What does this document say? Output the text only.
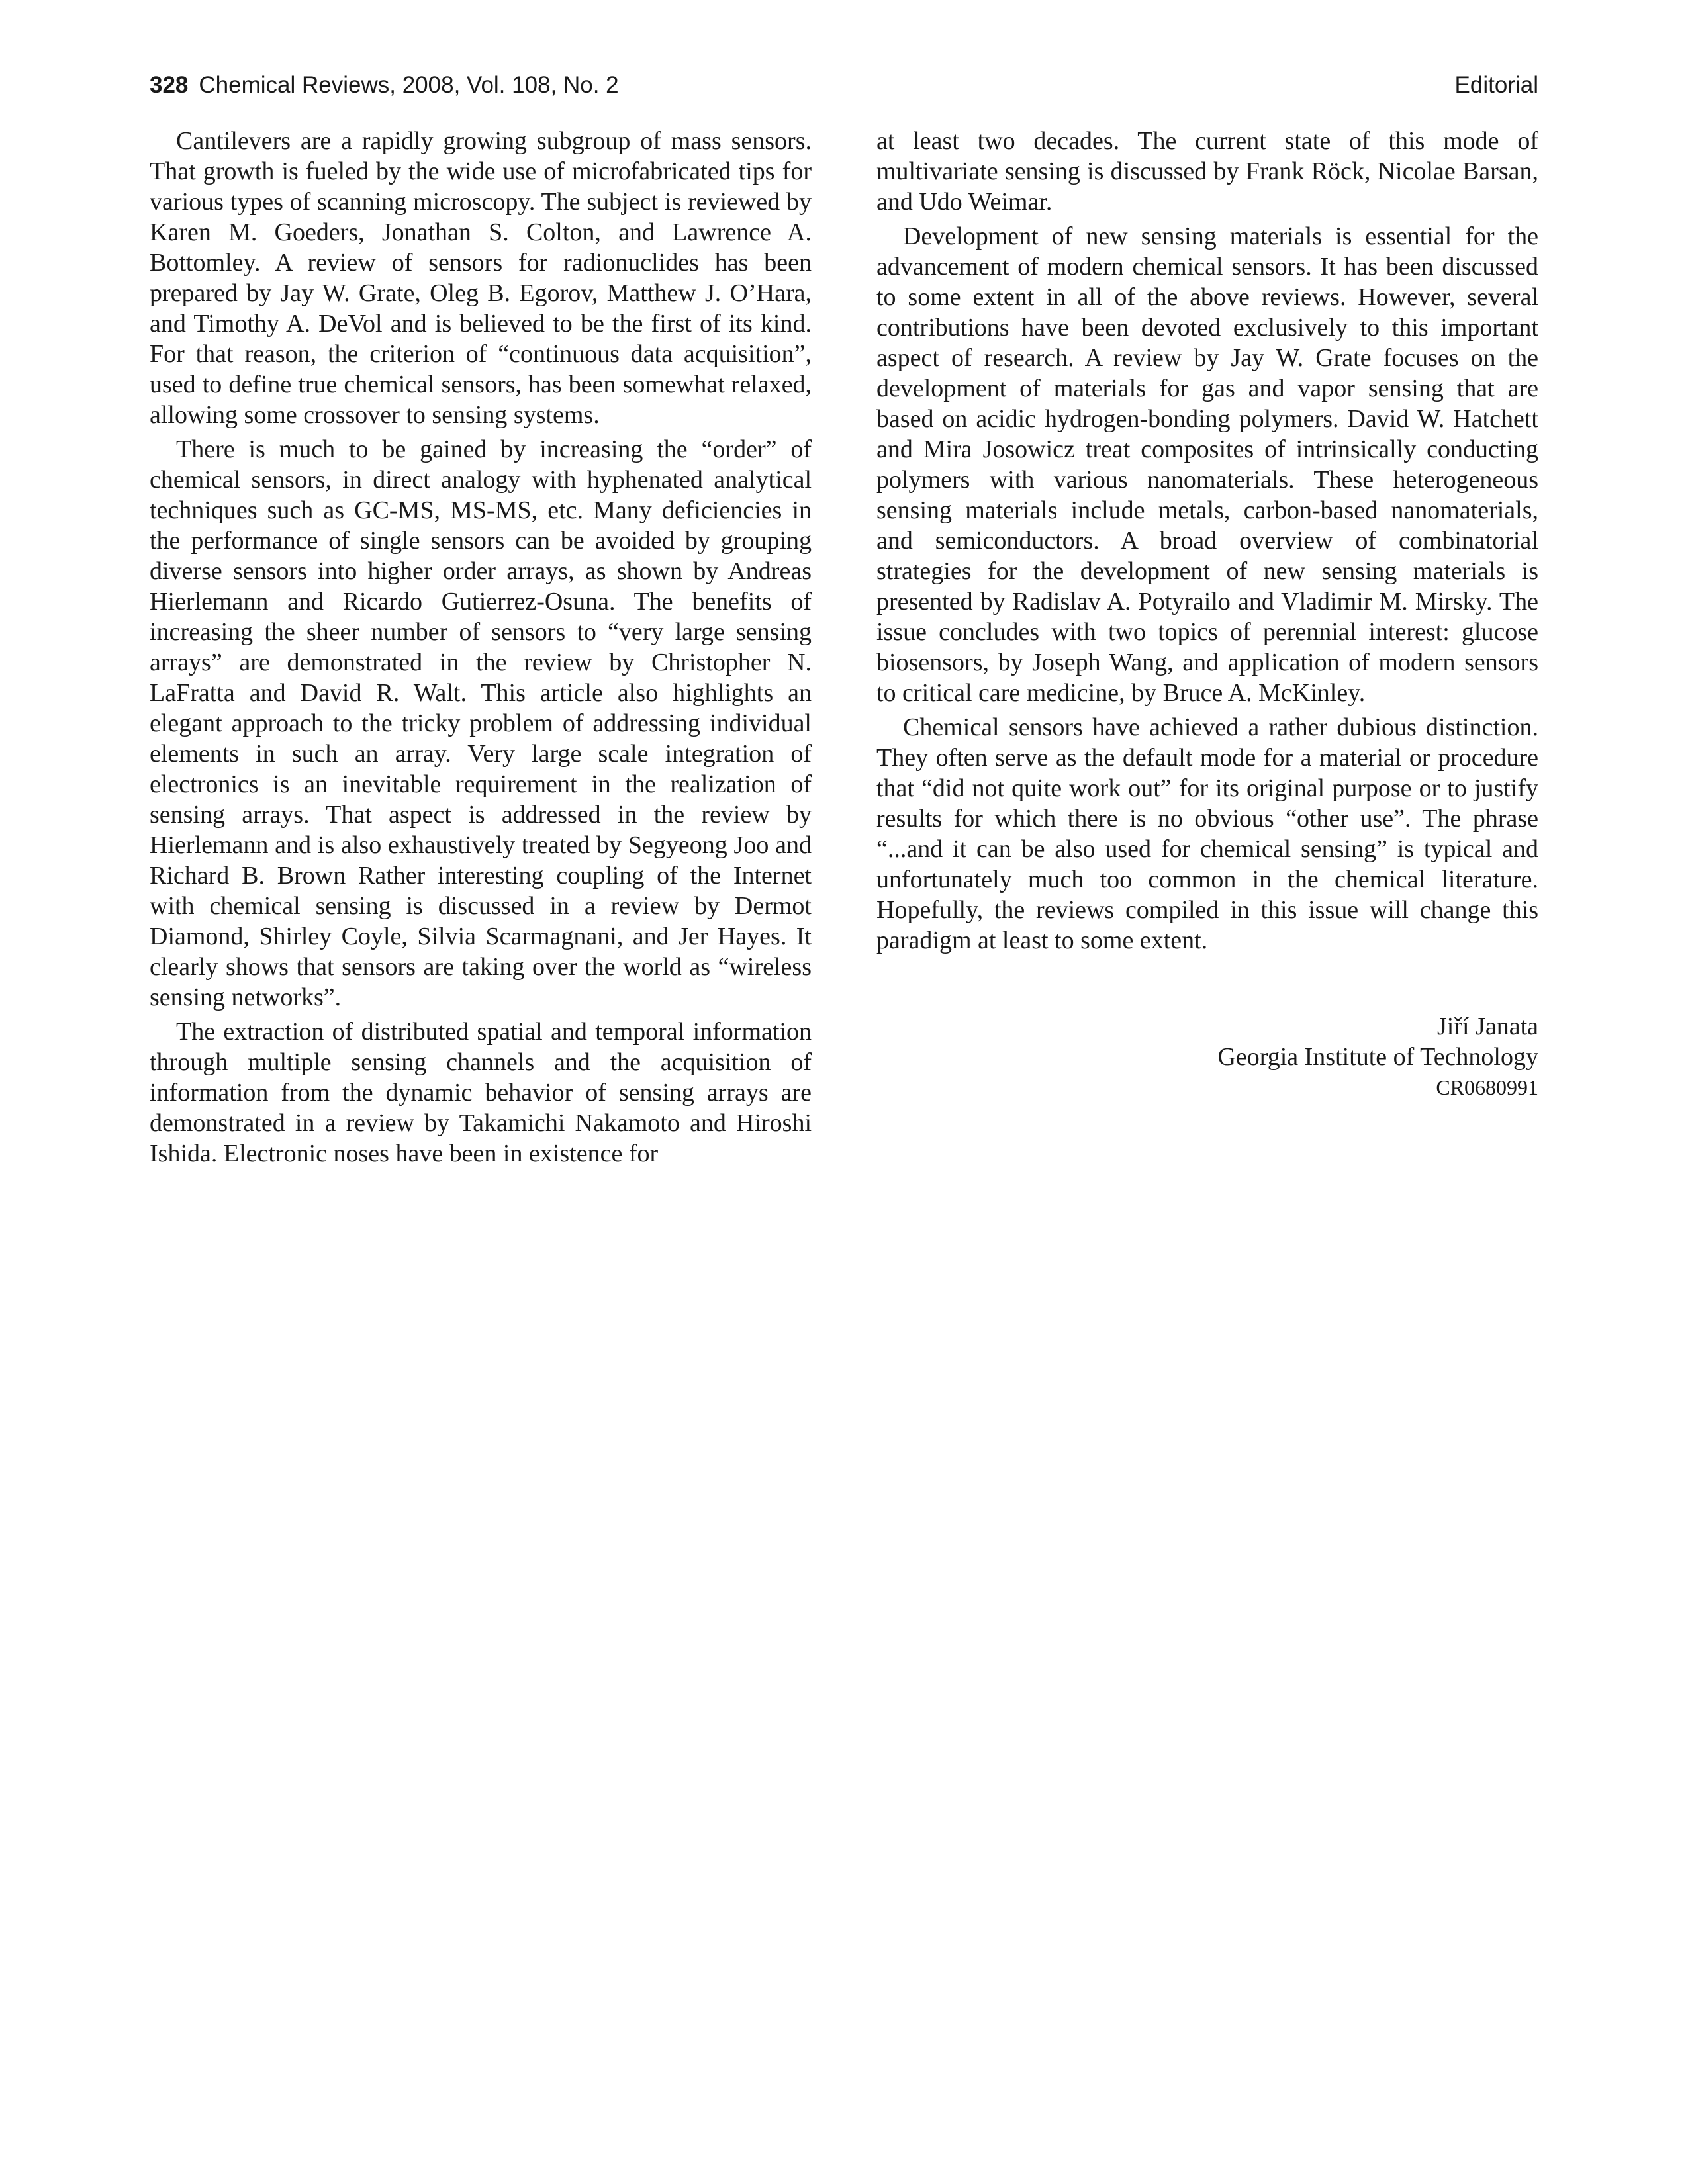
328 Chemical Reviews, 2008, Vol. 108, No. 2	Editorial

Cantilevers are a rapidly growing subgroup of mass sensors. That growth is fueled by the wide use of microfabricated tips for various types of scanning microscopy. The subject is reviewed by Karen M. Goeders, Jonathan S. Colton, and Lawrence A. Bottomley. A review of sensors for radionuclides has been prepared by Jay W. Grate, Oleg B. Egorov, Matthew J. O’Hara, and Timothy A. DeVol and is believed to be the first of its kind. For that reason, the criterion of “continuous data acquisition”, used to define true chemical sensors, has been somewhat relaxed, allowing some crossover to sensing systems.

There is much to be gained by increasing the “order” of chemical sensors, in direct analogy with hyphenated analytical techniques such as GC-MS, MS-MS, etc. Many deficiencies in the performance of single sensors can be avoided by grouping diverse sensors into higher order arrays, as shown by Andreas Hierlemann and Ricardo Gutierrez-Osuna. The benefits of increasing the sheer number of sensors to “very large sensing arrays” are demonstrated in the review by Christopher N. LaFratta and David R. Walt. This article also highlights an elegant approach to the tricky problem of addressing individual elements in such an array. Very large scale integration of electronics is an inevitable requirement in the realization of sensing arrays. That aspect is addressed in the review by Hierlemann and is also exhaustively treated by Segyeong Joo and Richard B. Brown Rather interesting coupling of the Internet with chemical sensing is discussed in a review by Dermot Diamond, Shirley Coyle, Silvia Scarmagnani, and Jer Hayes. It clearly shows that sensors are taking over the world as “wireless sensing networks”.

The extraction of distributed spatial and temporal information through multiple sensing channels and the acquisition of information from the dynamic behavior of sensing arrays are demonstrated in a review by Takamichi Nakamoto and Hiroshi Ishida. Electronic noses have been in existence for

at least two decades. The current state of this mode of multivariate sensing is discussed by Frank Röck, Nicolae Barsan, and Udo Weimar.

Development of new sensing materials is essential for the advancement of modern chemical sensors. It has been discussed to some extent in all of the above reviews. However, several contributions have been devoted exclusively to this important aspect of research. A review by Jay W. Grate focuses on the development of materials for gas and vapor sensing that are based on acidic hydrogen-bonding polymers. David W. Hatchett and Mira Josowicz treat composites of intrinsically conducting polymers with various nanomaterials. These heterogeneous sensing materials include metals, carbon-based nanomaterials, and semiconductors. A broad overview of combinatorial strategies for the development of new sensing materials is presented by Radislav A. Potyrailo and Vladimir M. Mirsky. The issue concludes with two topics of perennial interest: glucose biosensors, by Joseph Wang, and application of modern sensors to critical care medicine, by Bruce A. McKinley.

Chemical sensors have achieved a rather dubious distinction. They often serve as the default mode for a material or procedure that “did not quite work out” for its original purpose or to justify results for which there is no obvious “other use”. The phrase “...and it can be also used for chemical sensing” is typical and unfortunately much too common in the chemical literature. Hopefully, the reviews compiled in this issue will change this paradigm at least to some extent.

Jiří Janata
Georgia Institute of Technology
CR0680991
